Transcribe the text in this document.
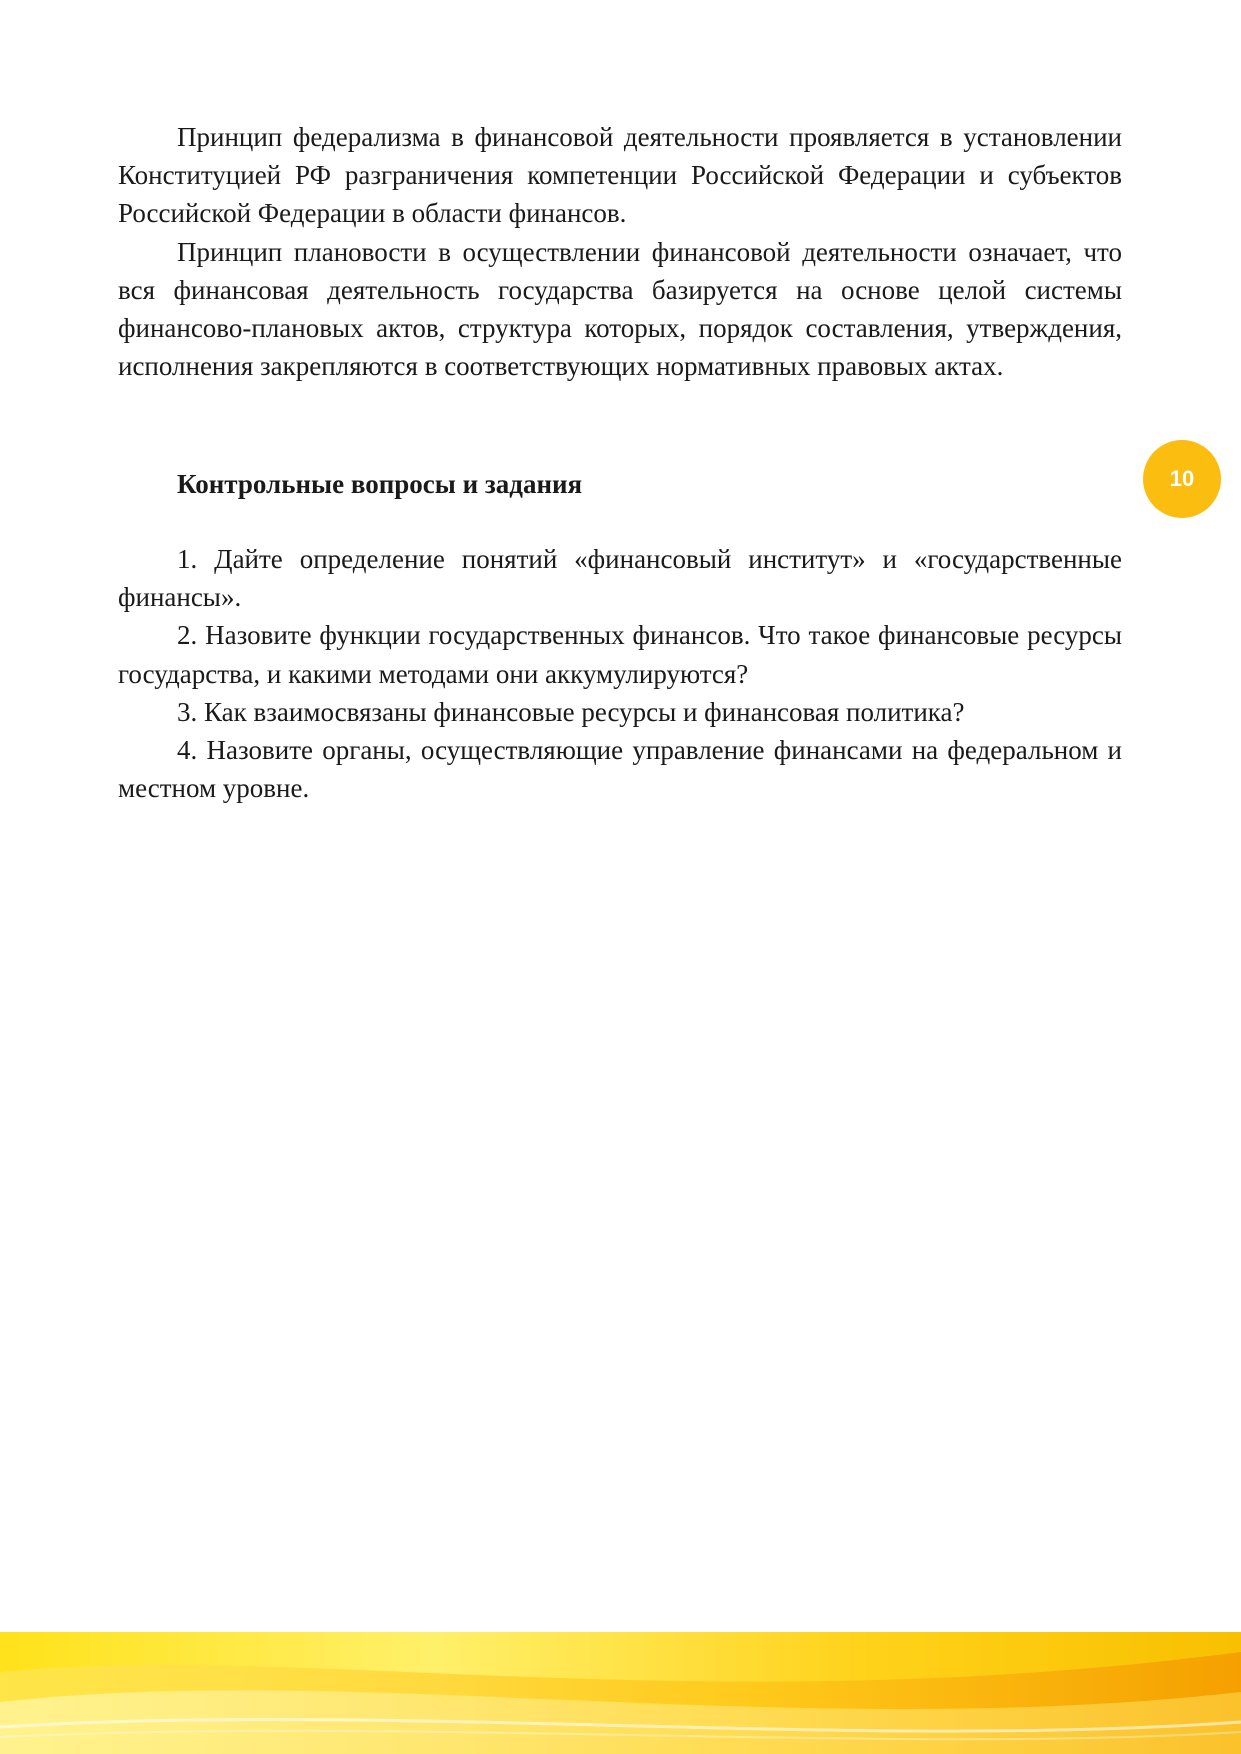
Принцип федерализма в финансовой деятельности проявляется в установлении Конституцией РФ разграничения компетенции Российской Федерации и субъектов Российской Федерации в области финансов.

Принцип плановости в осуществлении финансовой деятельности означает, что вся финансовая деятельность государства базируется на основе целой системы финансово-плановых актов, структура которых, порядок составления, утверждения, исполнения закрепляются в соответствующих нормативных правовых актах.

Контрольные вопросы и задания	10

1. Дайте определение понятий «финансовый институт» и «государственные финансы».

2. Назовите функции государственных финансов. Что такое финансовые ресурсы государства, и какими методами они аккумулируются?

3. Как взаимосвязаны финансовые ресурсы и финансовая политика?

4. Назовите органы, осуществляющие управление финансами на федеральном и местном уровне.
